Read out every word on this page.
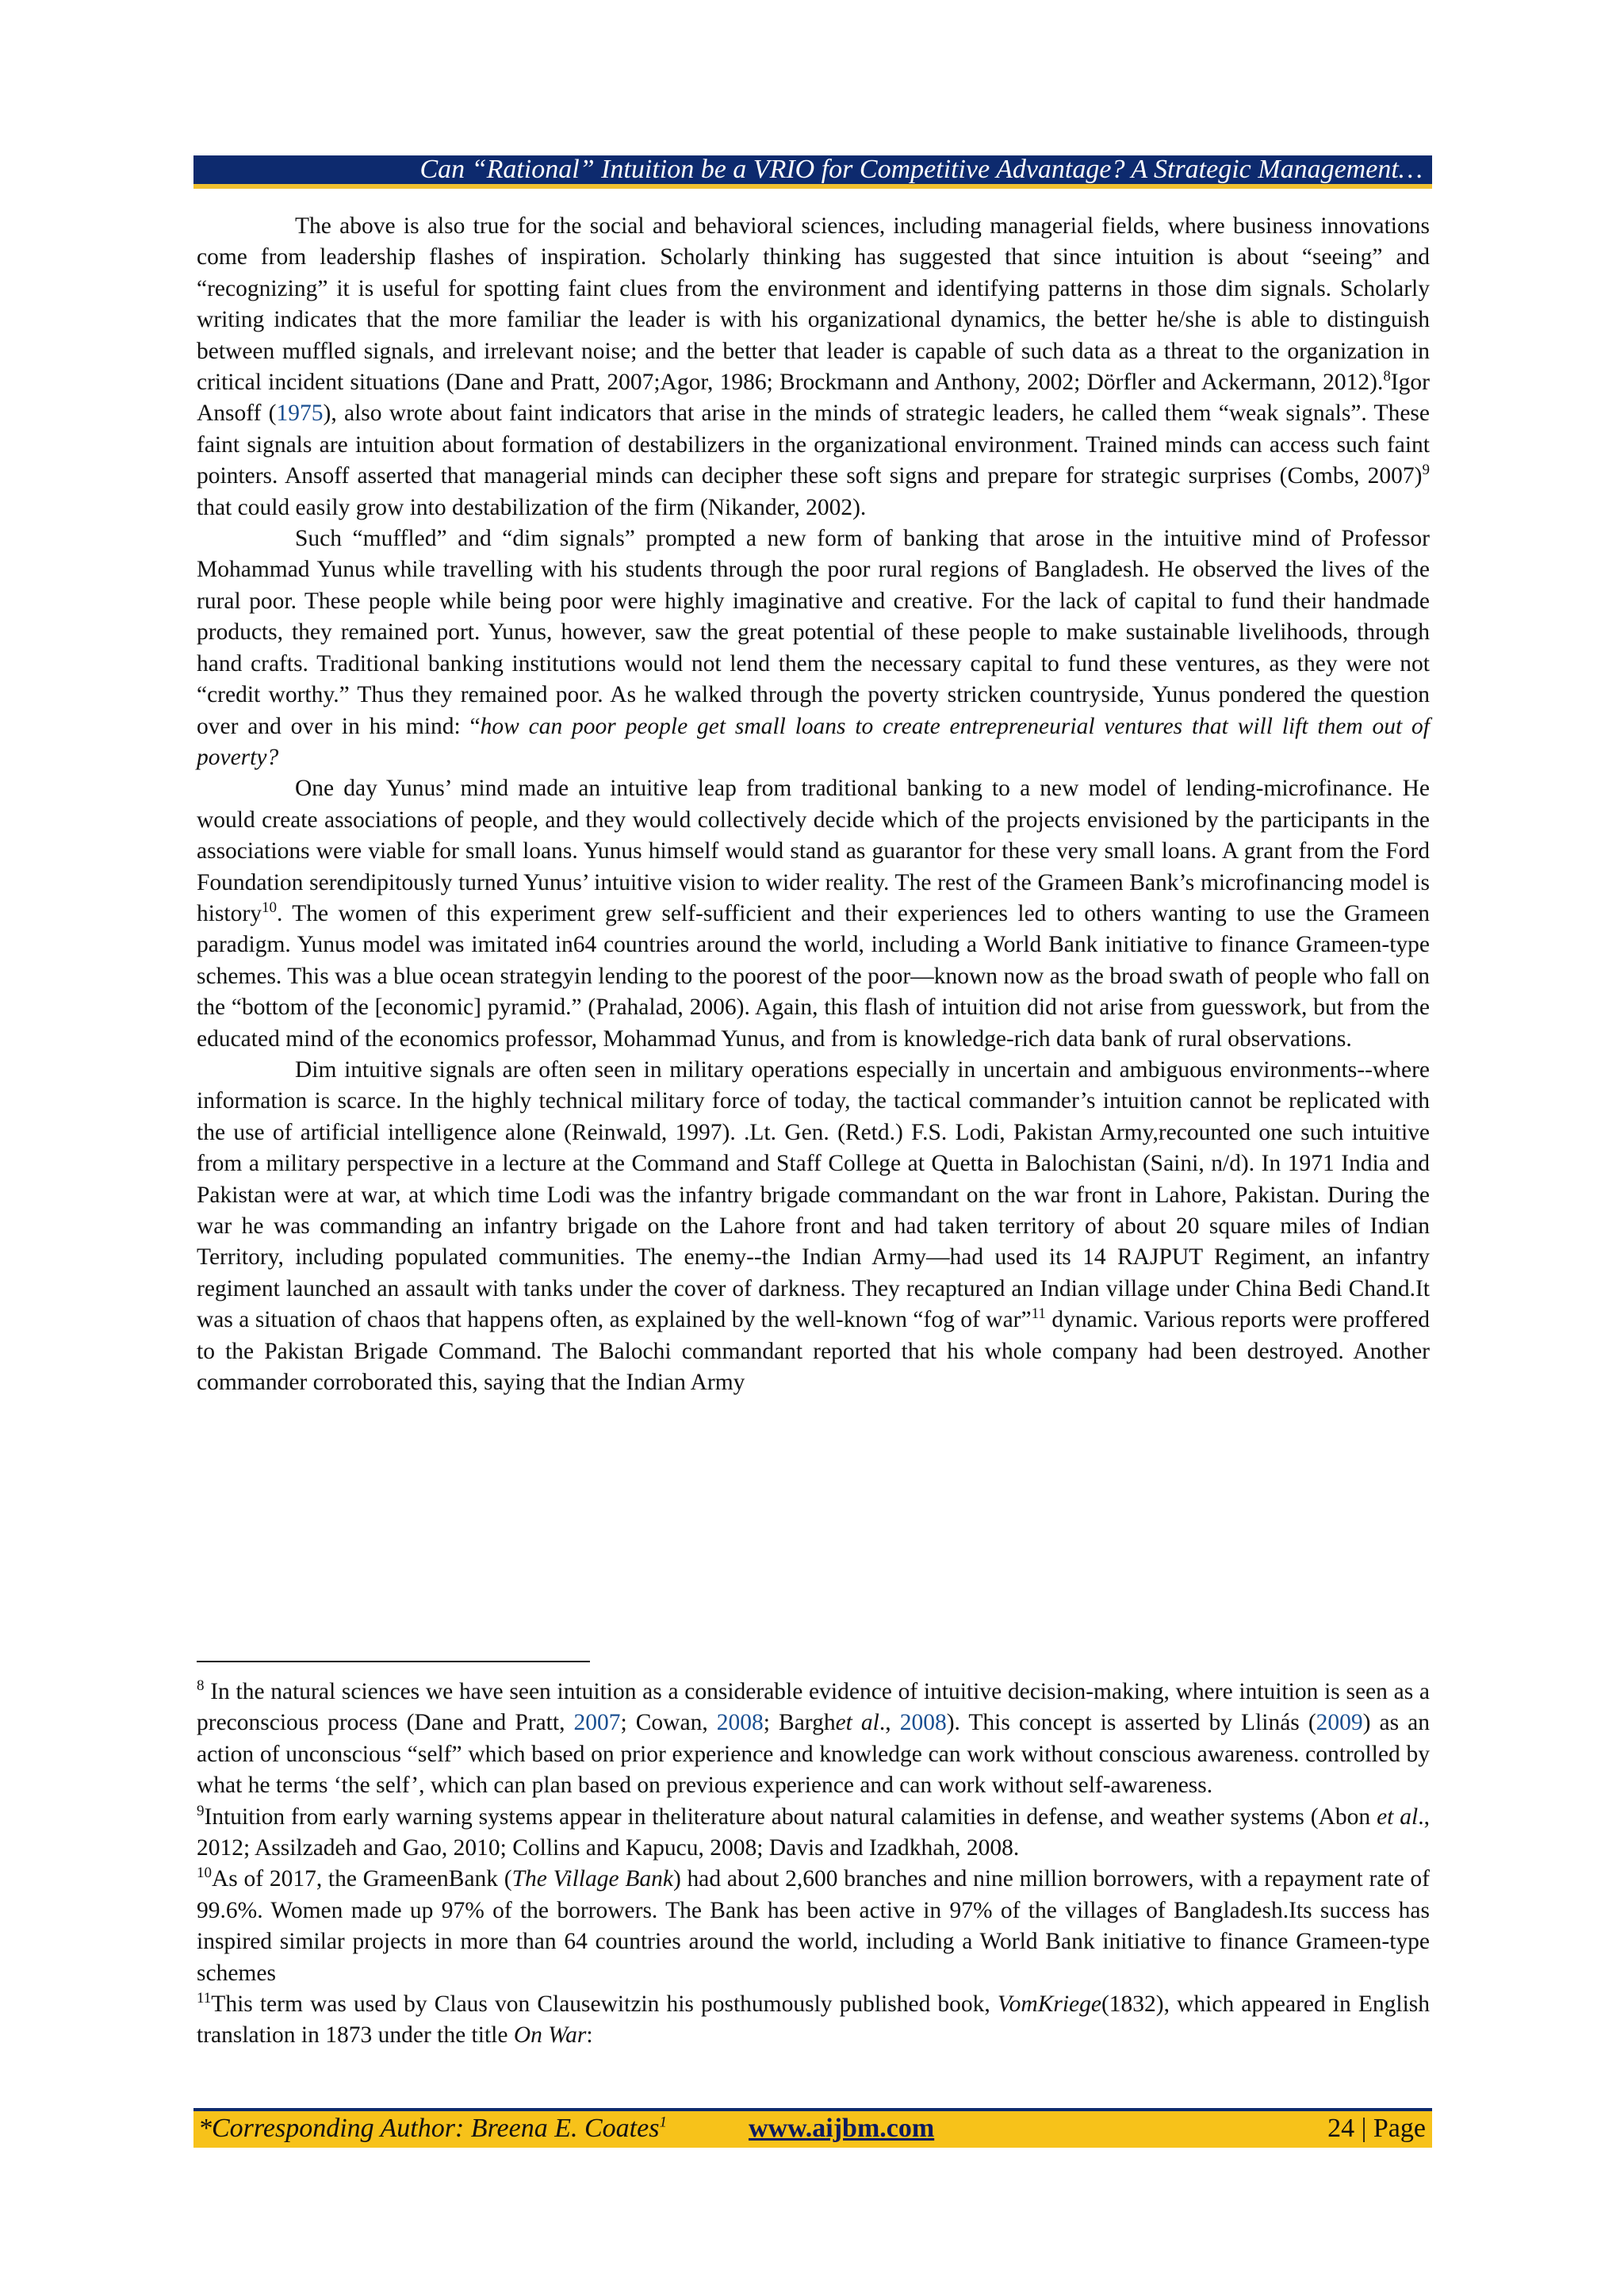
Can “Rational” Intuition be a VRIO for Competitive Advantage? A Strategic Management…

The above is also true for the social and behavioral sciences, including managerial fields, where business innovations come from leadership flashes of inspiration. Scholarly thinking has suggested that since intuition is about “seeing” and “recognizing” it is useful for spotting faint clues from the environment and identifying patterns in those dim signals. Scholarly writing indicates that the more familiar the leader is with his organizational dynamics, the better he/she is able to distinguish between muffled signals, and irrelevant noise; and the better that leader is capable of such data as a threat to the organization in critical incident situations (Dane and Pratt, 2007;Agor, 1986; Brockmann and Anthony, 2002; Dörfler and Ackermann, 2012).$^8$Igor Ansoff (1975), also wrote about faint indicators that arise in the minds of strategic leaders, he called them “weak signals”. These faint signals are intuition about formation of destabilizers in the organizational environment. Trained minds can access such faint pointers. Ansoff asserted that managerial minds can decipher these soft signs and prepare for strategic surprises (Combs, 2007)$^9$ that could easily grow into destabilization of the firm (Nikander, 2002).

Such “muffled” and “dim signals” prompted a new form of banking that arose in the intuitive mind of Professor Mohammad Yunus while travelling with his students through the poor rural regions of Bangladesh. He observed the lives of the rural poor. These people while being poor were highly imaginative and creative. For the lack of capital to fund their handmade products, they remained port. Yunus, however, saw the great potential of these people to make sustainable livelihoods, through hand crafts. Traditional banking institutions would not lend them the necessary capital to fund these ventures, as they were not “credit worthy.” Thus they remained poor. As he walked through the poverty stricken countryside, Yunus pondered the question over and over in his mind: “how can poor people get small loans to create entrepreneurial ventures that will lift them out of poverty?

One day Yunus’ mind made an intuitive leap from traditional banking to a new model of lending-microfinance. He would create associations of people, and they would collectively decide which of the projects envisioned by the participants in the associations were viable for small loans. Yunus himself would stand as guarantor for these very small loans. A grant from the Ford Foundation serendipitously turned Yunus’ intuitive vision to wider reality. The rest of the Grameen Bank’s microfinancing model is history$^{10}$. The women of this experiment grew self-sufficient and their experiences led to others wanting to use the Grameen paradigm. Yunus model was imitated in64 countries around the world, including a World Bank initiative to finance Grameen-type schemes. This was a blue ocean strategyin lending to the poorest of the poor—known now as the broad swath of people who fall on the “bottom of the [economic] pyramid.” (Prahalad, 2006). Again, this flash of intuition did not arise from guesswork, but from the educated mind of the economics professor, Mohammad Yunus, and from is knowledge-rich data bank of rural observations.

Dim intuitive signals are often seen in military operations especially in uncertain and ambiguous environments--where information is scarce. In the highly technical military force of today, the tactical commander’s intuition cannot be replicated with the use of artificial intelligence alone (Reinwald, 1997). .Lt. Gen. (Retd.) F.S. Lodi, Pakistan Army,recounted one such intuitive from a military perspective in a lecture at the Command and Staff College at Quetta in Balochistan (Saini, n/d). In 1971 India and Pakistan were at war, at which time Lodi was the infantry brigade commandant on the war front in Lahore, Pakistan. During the war he was commanding an infantry brigade on the Lahore front and had taken territory of about 20 square miles of Indian Territory, including populated communities. The enemy--the Indian Army—had used its 14 RAJPUT Regiment, an infantry regiment launched an assault with tanks under the cover of darkness. They recaptured an Indian village under China Bedi Chand.It was a situation of chaos that happens often, as explained by the well-known “fog of war”$^{11}$ dynamic. Various reports were proffered to the Pakistan Brigade Command. The Balochi commandant reported that his whole company had been destroyed. Another commander corroborated this, saying that the Indian Army

$^8$ In the natural sciences we have seen intuition as a considerable evidence of intuitive decision-making, where intuition is seen as a preconscious process (Dane and Pratt, 2007; Cowan, 2008; Barghet al., 2008). This concept is asserted by Llinás (2009) as an action of unconscious “self” which based on prior experience and knowledge can work without conscious awareness. controlled by what he terms ‘the self’, which can plan based on previous experience and can work without self-awareness.

$^9$Intuition from early warning systems appear in theliterature about natural calamities in defense, and weather systems (Abon et al., 2012; Assilzadeh and Gao, 2010; Collins and Kapucu, 2008; Davis and Izadkhah, 2008.

$^{10}$As of 2017, the GrameenBank (The Village Bank) had about 2,600 branches and nine million borrowers, with a repayment rate of 99.6%. Women made up 97% of the borrowers. The Bank has been active in 97% of the villages of Bangladesh.Its success has inspired similar projects in more than 64 countries around the world, including a World Bank initiative to finance Grameen-type schemes

$^{11}$This term was used by Claus von Clausewitzin his posthumously published book, VomKriege(1832), which appeared in English translation in 1873 under the title On War:

*Corresponding Author: Breena E. Coates$^1$	www.aijbm.com	24 | Page
